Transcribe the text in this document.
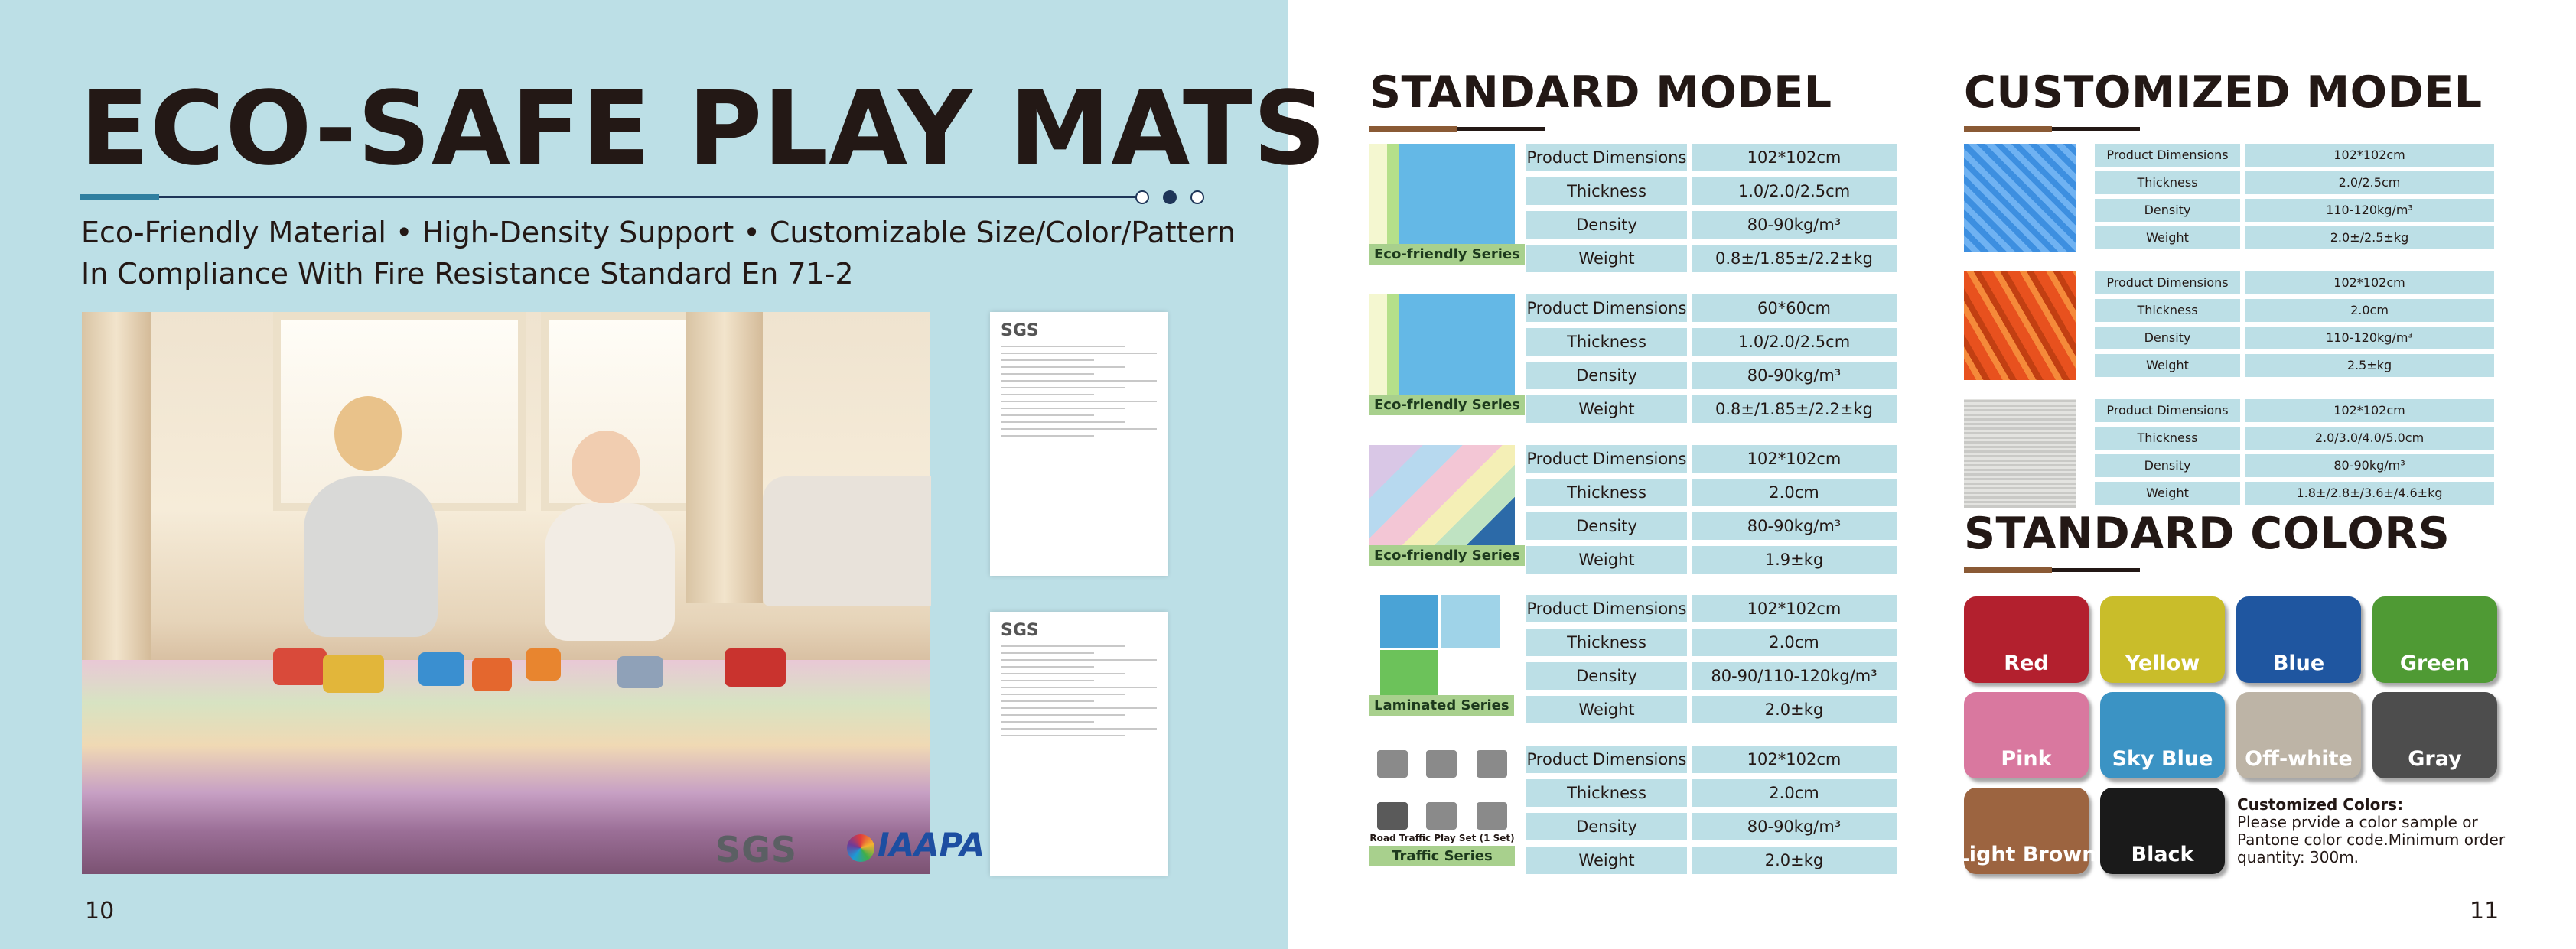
ECO-SAFE PLAY MATS
Eco-Friendly Material • High-Density Support • Customizable Size/Color/Pattern
In Compliance With Fire Resistance Standard En 71-2
SGS IAAPA
SGS
SGS
10
STANDARD MODEL
Eco-friendly Series
Product Dimensions	102*102cm
Thickness	1.0/2.0/2.5cm
Density	80-90kg/m³
Weight	0.8±/1.85±/2.2±kg
Eco-friendly Series
Product Dimensions	60*60cm
Thickness	1.0/2.0/2.5cm
Density	80-90kg/m³
Weight	0.8±/1.85±/2.2±kg
Eco-friendly Series
Product Dimensions	102*102cm
Thickness	2.0cm
Density	80-90kg/m³
Weight	1.9±kg
Laminated Series
Product Dimensions	102*102cm
Thickness	2.0cm
Density	80-90/110-120kg/m³
Weight	2.0±kg
Road Traffic Play Set (1 Set)
Traffic Series
Product Dimensions	102*102cm
Thickness	2.0cm
Density	80-90kg/m³
Weight	2.0±kg
CUSTOMIZED MODEL
Product Dimensions	102*102cm
Thickness	2.0/2.5cm
Density	110-120kg/m³
Weight	2.0±/2.5±kg
Product Dimensions	102*102cm
Thickness	2.0cm
Density	110-120kg/m³
Weight	2.5±kg
Product Dimensions	102*102cm
Thickness	2.0/3.0/4.0/5.0cm
Density	80-90kg/m³
Weight	1.8±/2.8±/3.6±/4.6±kg
STANDARD COLORS
Red	Yellow	Blue	Green
Pink	Sky Blue	Off-white	Gray
Light Brown	Black
Customized Colors:
Please prvide a color sample or Pantone color code.Minimum order quantity: 300m.
11
